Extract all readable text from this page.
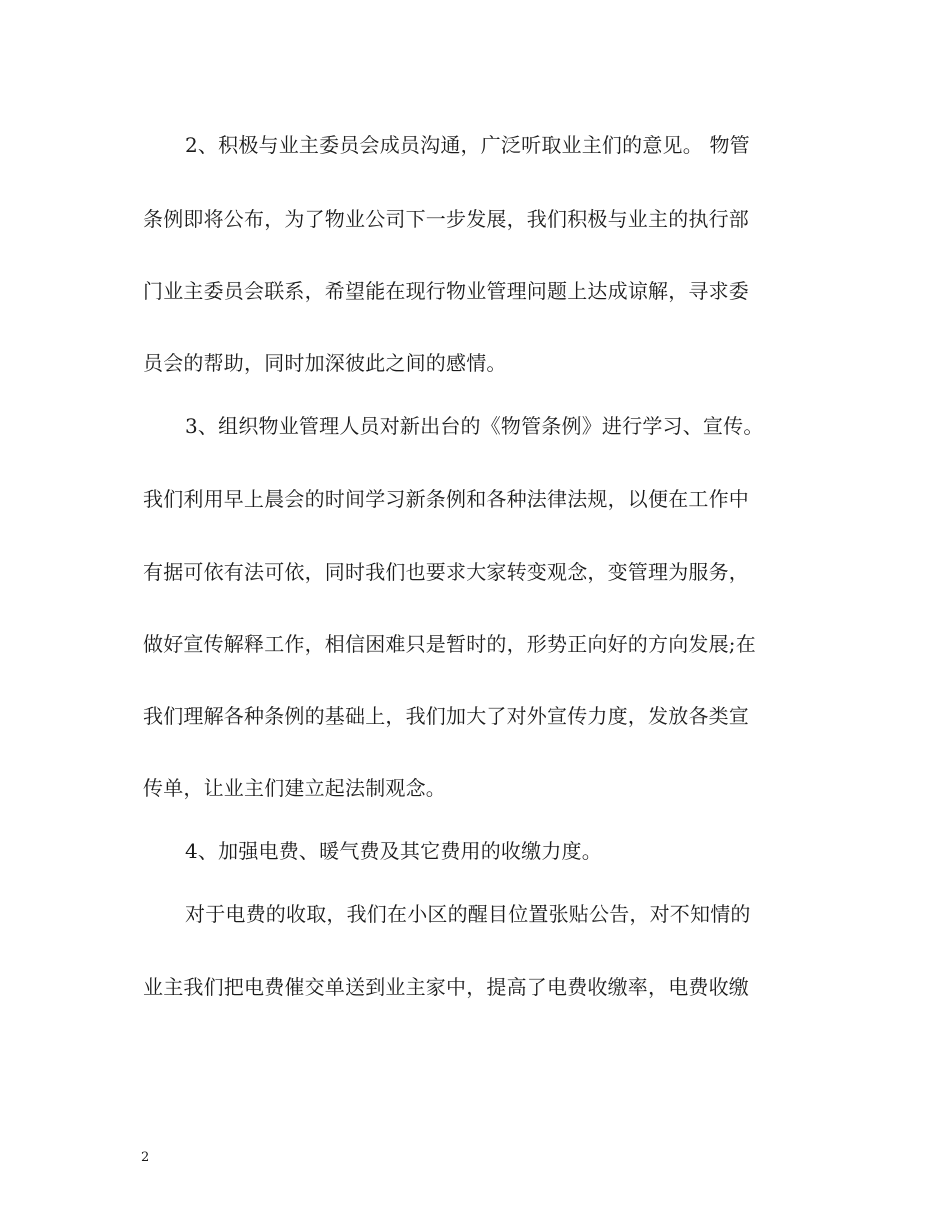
2、积极与业主委员会成员沟通，广泛听取业主们的意见。 物管
条例即将公布，为了物业公司下一步发展，我们积极与业主的执行部
门业主委员会联系，希望能在现行物业管理问题上达成谅解，寻求委
员会的帮助，同时加深彼此之间的感情。
3、组织物业管理人员对新出台的《物管条例》进行学习、宣传。
我们利用早上晨会的时间学习新条例和各种法律法规，以便在工作中
有据可依有法可依，同时我们也要求大家转变观念，变管理为服务，
做好宣传解释工作，相信困难只是暂时的，形势正向好的方向发展;在
我们理解各种条例的基础上，我们加大了对外宣传力度，发放各类宣
传单，让业主们建立起法制观念。
4、加强电费、暖气费及其它费用的收缴力度。
对于电费的收取，我们在小区的醒目位置张贴公告，对不知情的
业主我们把电费催交单送到业主家中，提高了电费收缴率，电费收缴
2
